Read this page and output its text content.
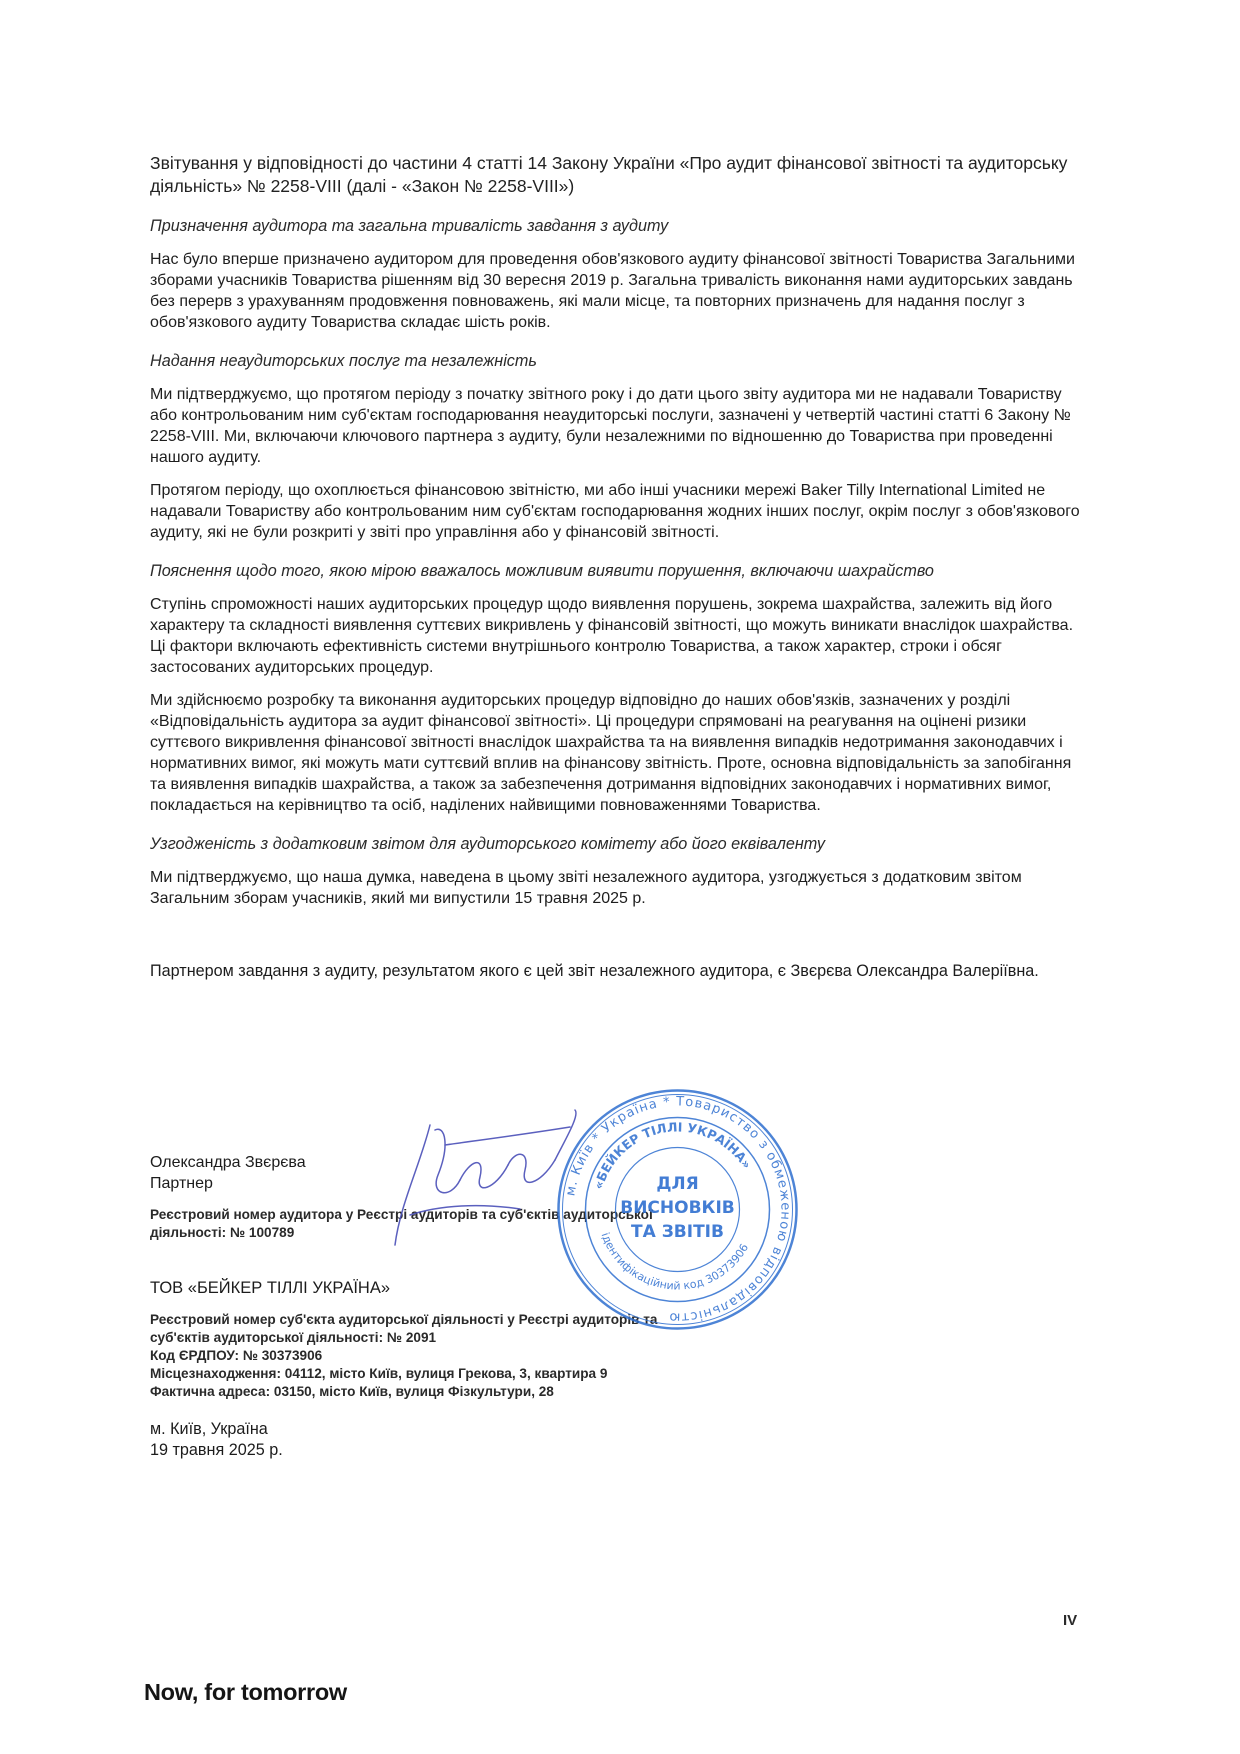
Звітування у відповідності до частини 4 статті 14 Закону України «Про аудит фінансової звітності та аудиторську діяльність» № 2258-VIII (далі - «Закон № 2258-VIII»)

Призначення аудитора та загальна тривалість завдання з аудиту

Нас було вперше призначено аудитором для проведення обов'язкового аудиту фінансової звітності Товариства Загальними зборами учасників Товариства рішенням від 30 вересня 2019 р. Загальна тривалість виконання нами аудиторських завдань без перерв з урахуванням продовження повноважень, які мали місце, та повторних призначень для надання послуг з обов'язкового аудиту Товариства складає шість років.

Надання неаудиторських послуг та незалежність

Ми підтверджуємо, що протягом періоду з початку звітного року і до дати цього звіту аудитора ми не надавали Товариству або контрольованим ним суб'єктам господарювання неаудиторські послуги, зазначені у четвертій частині статті 6 Закону № 2258-VIII. Ми, включаючи ключового партнера з аудиту, були незалежними по відношенню до Товариства при проведенні нашого аудиту.

Протягом періоду, що охоплюється фінансовою звітністю, ми або інші учасники мережі Baker Tilly International Limited не надавали Товариству або контрольованим ним суб'єктам господарювання жодних інших послуг, окрім послуг з обов'язкового аудиту, які не були розкриті у звіті про управління або у фінансовій звітності.

Пояснення щодо того, якою мірою вважалось можливим виявити порушення, включаючи шахрайство

Ступінь спроможності наших аудиторських процедур щодо виявлення порушень, зокрема шахрайства, залежить від його характеру та складності виявлення суттєвих викривлень у фінансовій звітності, що можуть виникати внаслідок шахрайства. Ці фактори включають ефективність системи внутрішнього контролю Товариства, а також характер, строки і обсяг застосованих аудиторських процедур.

Ми здійснюємо розробку та виконання аудиторських процедур відповідно до наших обов'язків, зазначених у розділі «Відповідальність аудитора за аудит фінансової звітності». Ці процедури спрямовані на реагування на оцінені ризики суттєвого викривлення фінансової звітності внаслідок шахрайства та на виявлення випадків недотримання законодавчих і нормативних вимог, які можуть мати суттєвий вплив на фінансову звітність. Проте, основна відповідальність за запобігання та виявлення випадків шахрайства, а також за забезпечення дотримання відповідних законодавчих і нормативних вимог, покладається на керівництво та осіб, наділених найвищими повноваженнями Товариства.

Узгодженість з додатковим звітом для аудиторського комітету або його еквіваленту

Ми підтверджуємо, що наша думка, наведена в цьому звіті незалежного аудитора, узгоджується з додатковим звітом Загальним зборам учасників, який ми випустили 15 травня 2025 р.

Партнером завдання з аудиту, результатом якого є цей звіт незалежного аудитора, є Звєрєва Олександра Валеріївна.

Олександра Звєрєва
Партнер
Реєстровий номер аудитора у Реєстрі аудиторів та суб'єктів аудиторської
діяльності: № 100789
ТОВ «БЕЙКЕР ТІЛЛІ УКРАЇНА»
Реєстровий номер суб'єкта аудиторської діяльності у Реєстрі аудиторів та
суб'єктів аудиторської діяльності: № 2091
Код ЄРДПОУ: № 30373906
Місцезнаходження: 04112, місто Київ, вулиця Грекова, 3, квартира 9
Фактична адреса: 03150, місто Київ, вулиця Фізкультури, 28
м. Київ, Україна
19 травня 2025 р.
м. Київ * Україна * Товариство з обмеженою відповідальністю
«БЕЙКЕР ТІЛЛІ УКРАЇНА»
ідентифікаційний код 30373906
ДЛЯ
ВИСНОВКІВ
ТА ЗВІТІВ
IV
Now, for tomorrow
